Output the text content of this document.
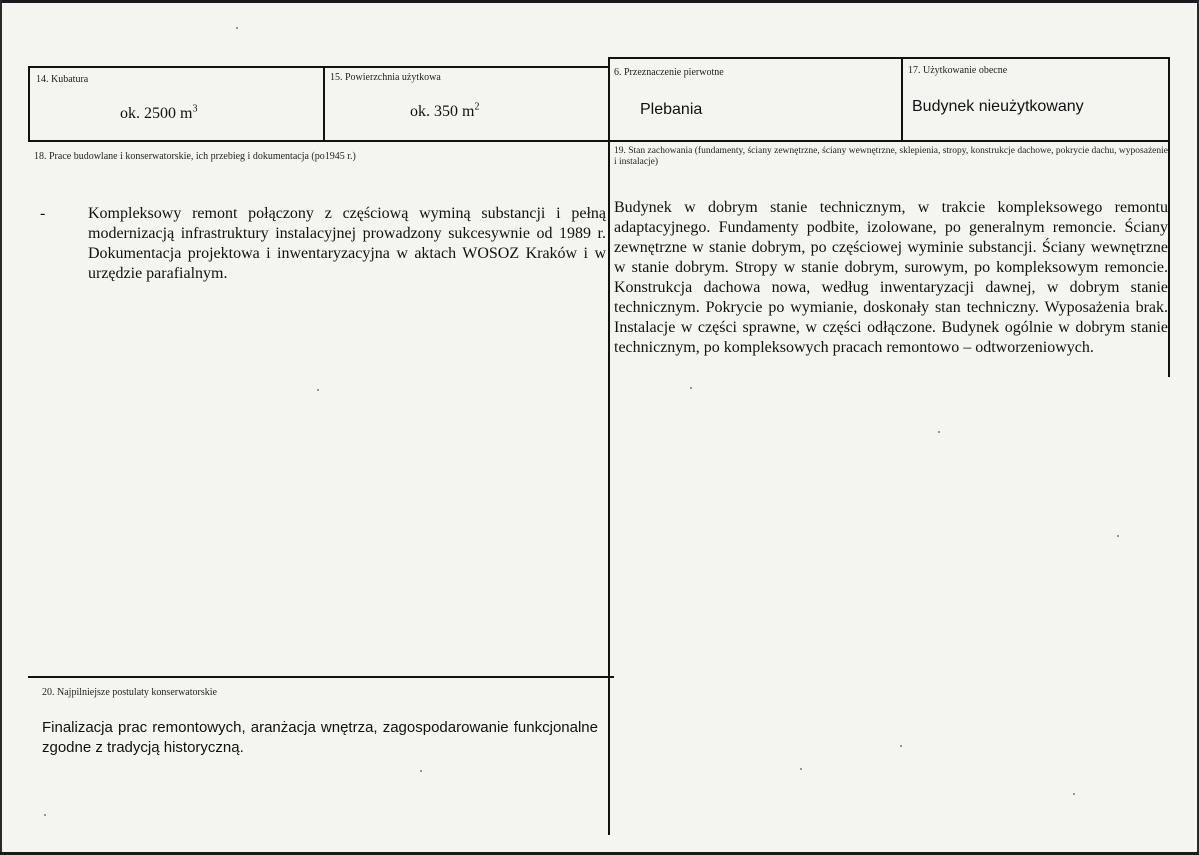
14. Kubatura
ok. 2500 $m^3$
15. Powierzchnia użytkowa
ok. 350 $m^2$
6. Przeznaczenie pierwotne
Plebania
17. Użytkowanie obecne
Budynek nieużytkowany
18. Prace budowlane i konserwatorskie, ich przebieg i dokumentacja (po1945 r.)
-	Kompleksowy remont połączony z częściową wyminą substancji i pełną modernizacją infrastruktury instalacyjnej prowadzony sukcesywnie od 1989 r. Dokumentacja projektowa i inwentaryzacyjna w aktach WOSOZ Kraków i w urzędzie parafialnym.
19. Stan zachowania (fundamenty, ściany zewnętrzne, ściany wewnętrzne, sklepienia, stropy, konstrukcje dachowe, pokrycie dachu, wyposażenie i instalacje)
Budynek w dobrym stanie technicznym, w trakcie kompleksowego remontu adaptacyjnego. Fundamenty podbite, izolowane, po generalnym remoncie. Ściany zewnętrzne w stanie dobrym, po częściowej wyminie substancji. Ściany wewnętrzne w stanie dobrym. Stropy w stanie dobrym, surowym, po kompleksowym remoncie. Konstrukcja dachowa nowa, według inwentaryzacji dawnej, w dobrym stanie technicznym. Pokrycie po wymianie, doskonały stan techniczny. Wyposażenia brak. Instalacje w części sprawne, w części odłączone. Budynek ogólnie w dobrym stanie technicznym, po kompleksowych pracach remontowo – odtworzeniowych.
20. Najpilniejsze postulaty konserwatorskie
Finalizacja prac remontowych, aranżacja wnętrza, zagospodarowanie funkcjonalne zgodne z tradycją historyczną.
